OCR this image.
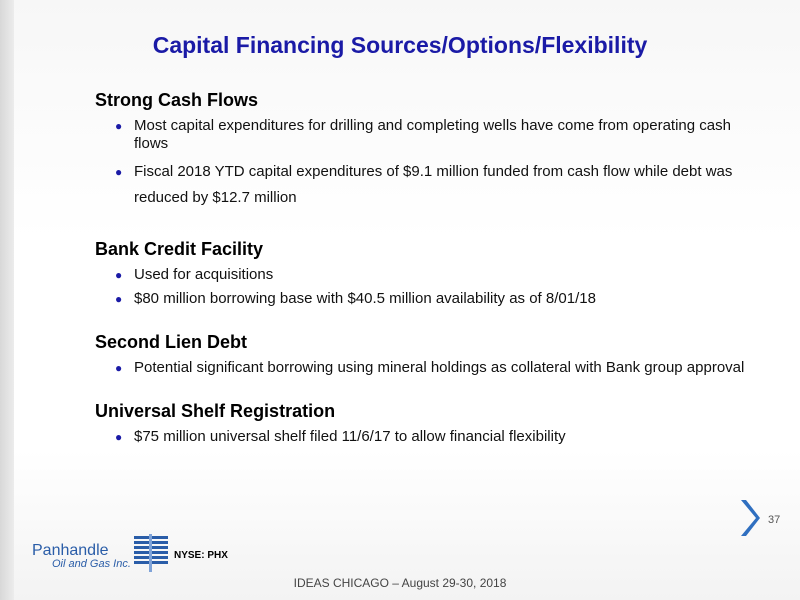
Capital Financing Sources/Options/Flexibility
Strong Cash Flows
● Most capital expenditures for drilling and completing wells have come from operating cash flows
● Fiscal 2018 YTD capital expenditures of $9.1 million funded from cash flow while debt was reduced by $12.7 million
Bank Credit Facility
● Used for acquisitions
● $80 million borrowing base with $40.5 million availability as of 8/01/18
Second Lien Debt
● Potential significant borrowing using mineral holdings as collateral with Bank group approval
Universal Shelf Registration
● $75 million universal shelf filed 11/6/17 to allow financial flexibility
37
Panhandle
Oil and Gas Inc.
NYSE: PHX
IDEAS CHICAGO – August 29-30, 2018
